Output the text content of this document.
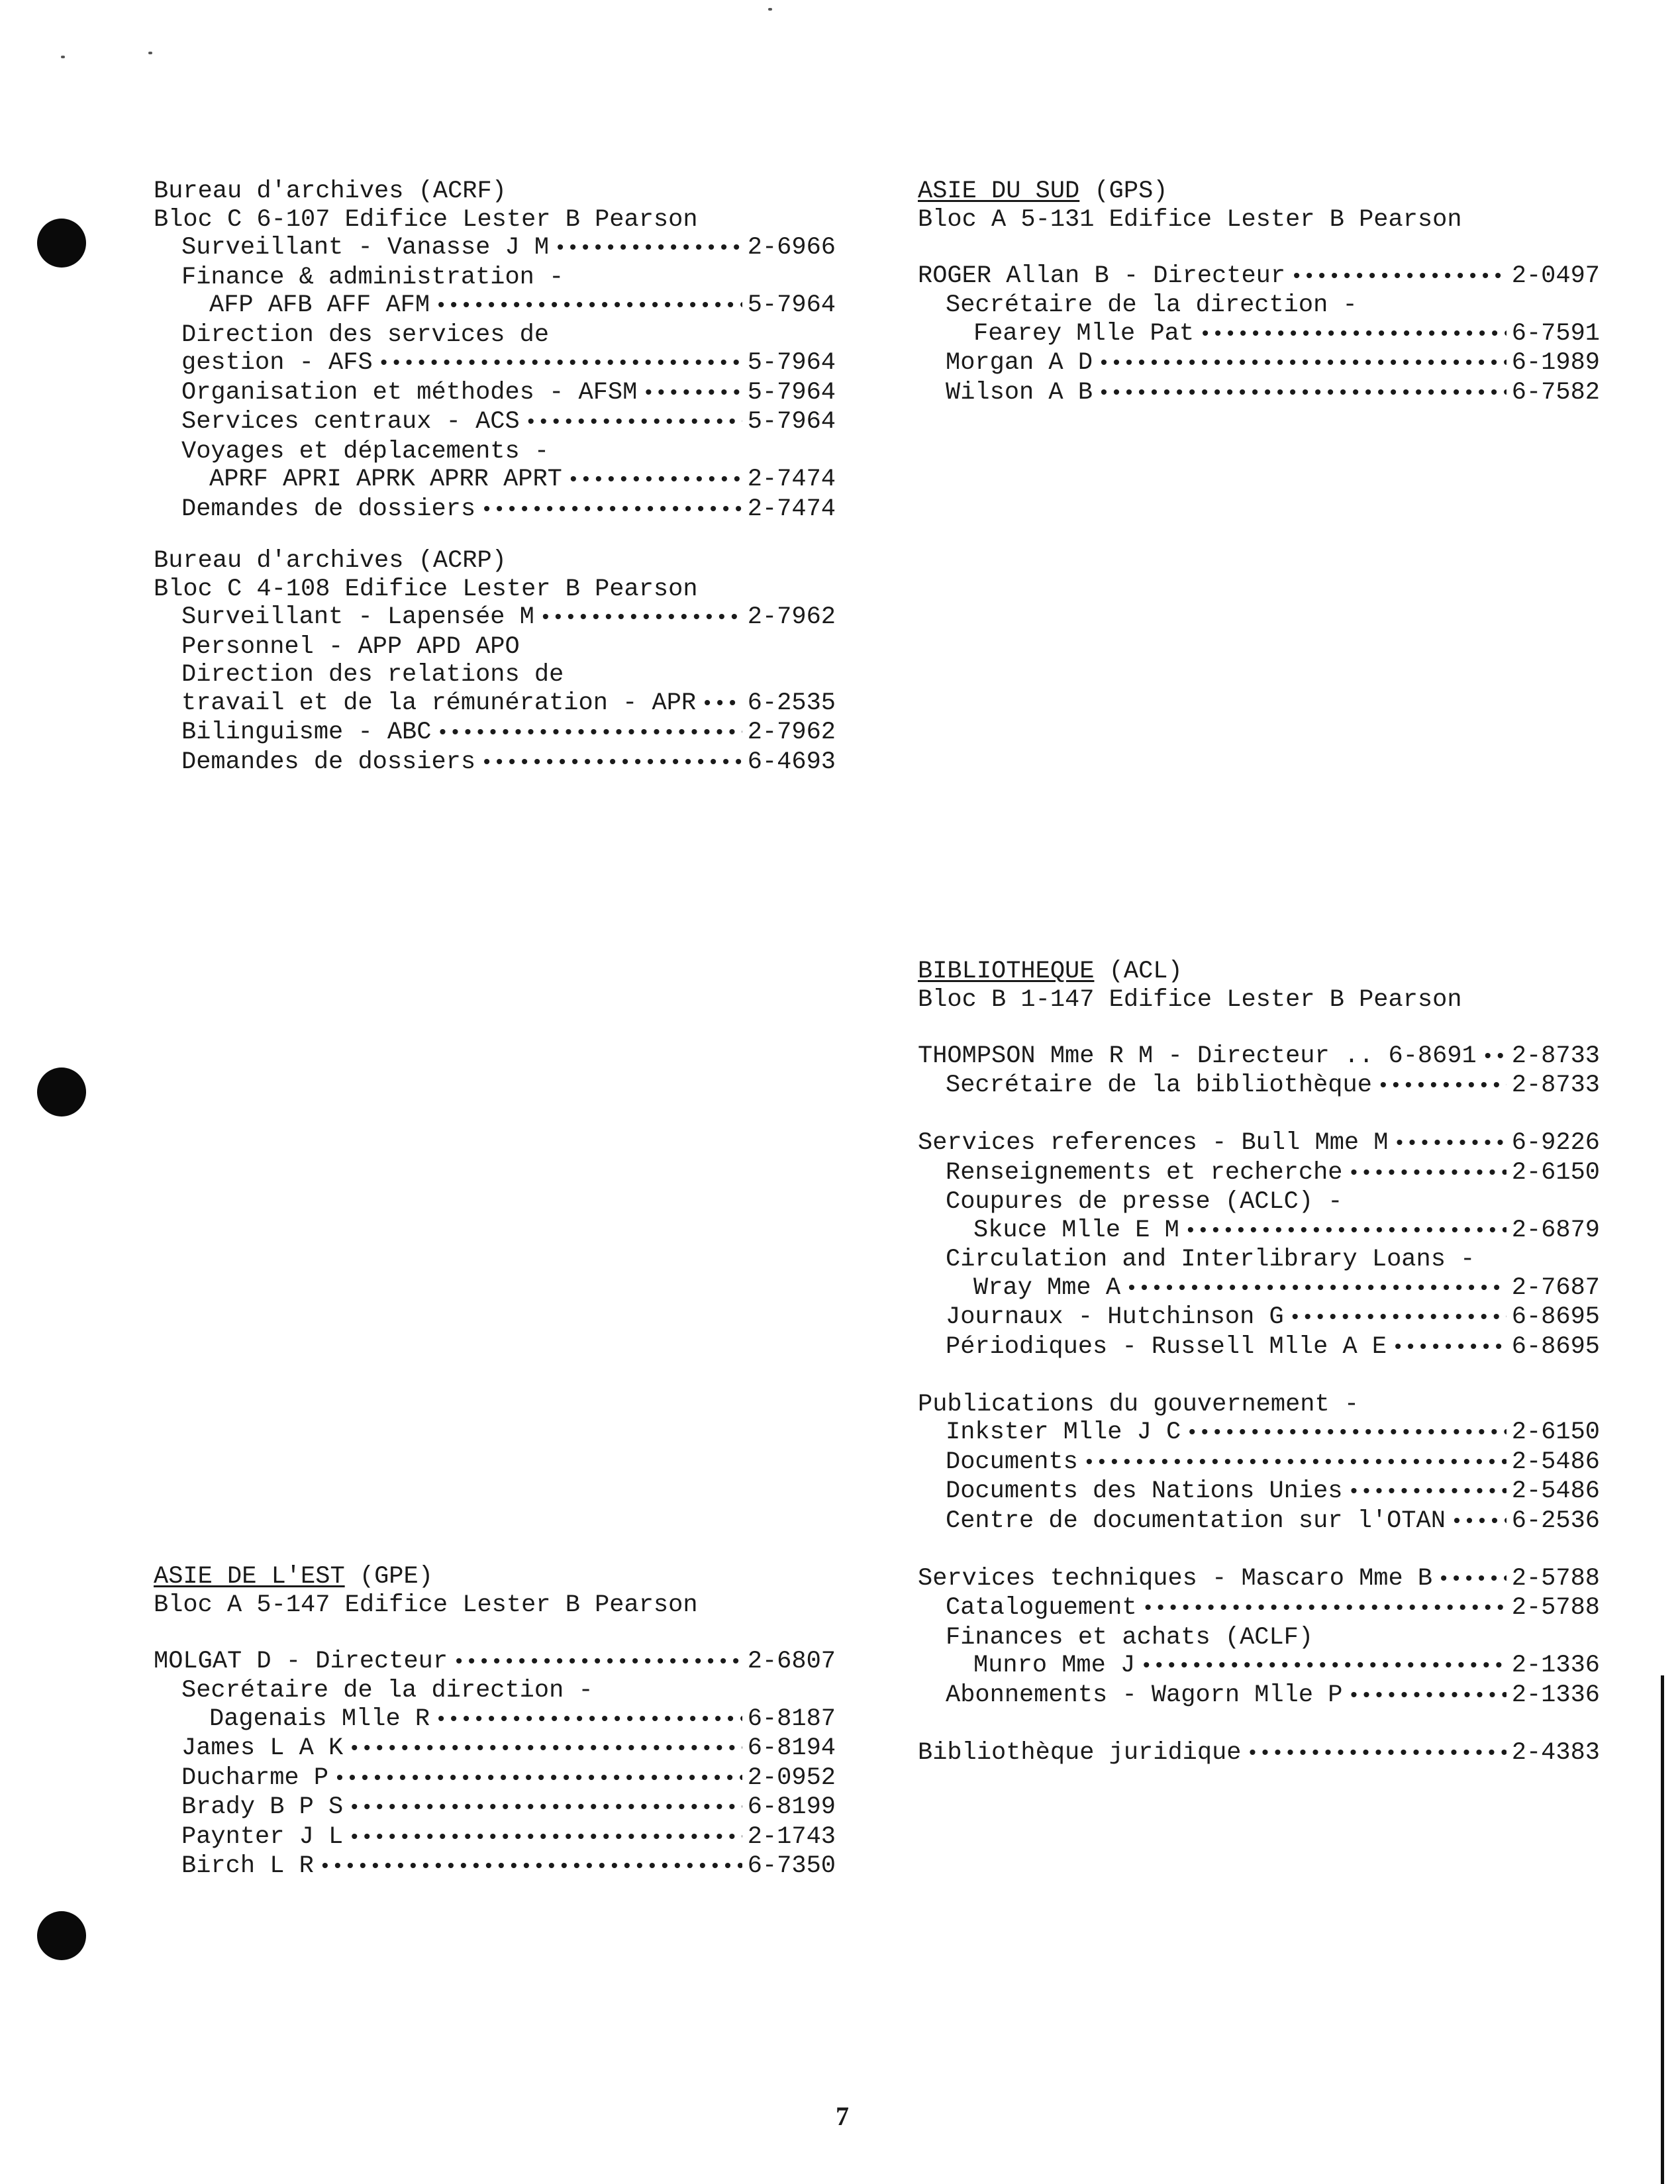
Bureau d'archives (ACRF)
Bloc C 6-107 Edifice Lester B Pearson
Surveillant - Vanasse J M •••••	2-6966
Finance & administration -
AFP AFB AFF AFM •••••	5-7964
Direction des services de
gestion - AFS •••••	5-7964
Organisation et méthodes - AFSM •••••	5-7964
Services centraux - ACS •••••	5-7964
Voyages et déplacements -
APRF APRI APRK APRR APRT •••••	2-7474
Demandes de dossiers •••••	2-7474
Bureau d'archives (ACRP)
Bloc C 4-108 Edifice Lester B Pearson
Surveillant - Lapensée M •••••	2-7962
Personnel - APP APD APO
Direction des relations de
travail et de la rémunération - APR ••••• 6-2535
Bilinguisme - ABC •••••	2-7962
Demandes de dossiers •••••	6-4693
ASIE DE L'EST (GPE)
Bloc A 5-147 Edifice Lester B Pearson
MOLGAT D - Directeur •••••	2-6807
Secrétaire de la direction -
Dagenais Mlle R •••••	6-8187
James L A K •••••	6-8194
Ducharme P •••••	2-0952
Brady B P S •••••	6-8199
Paynter J L •••••	2-1743
Birch L R •••••	6-7350
ASIE DU SUD (GPS)
Bloc A 5-131 Edifice Lester B Pearson
ROGER Allan B - Directeur •••••	2-0497
Secrétaire de la direction -
Fearey Mlle Pat •••••	6-7591
Morgan A D •••••	6-1989
Wilson A B •••••	6-7582
BIBLIOTHEQUE (ACL)
Bloc B 1-147 Edifice Lester B Pearson
THOMPSON Mme R M - Directeur .. 6-8691 ••••• 2-8733
Secrétaire de la bibliothèque •••••	2-8733
Services references - Bull Mme M •••••	6-9226
Renseignements et recherche •••••	2-6150
Coupures de presse (ACLC) -
Skuce Mlle E M •••••	2-6879
Circulation and Interlibrary Loans -
Wray Mme A •••••	2-7687
Journaux - Hutchinson G •••••	6-8695
Périodiques - Russell Mlle A E •••••	6-8695
Publications du gouvernement -
Inkster Mlle J C •••••	2-6150
Documents •••••	2-5486
Documents des Nations Unies •••••	2-5486
Centre de documentation sur l'OTAN •••••	6-2536
Services techniques - Mascaro Mme B •••••	2-5788
Cataloguement •••••	2-5788
Finances et achats (ACLF)
Munro Mme J •••••	2-1336
Abonnements - Wagorn Mlle P •••••	2-1336
Bibliothèque juridique •••••	2-4383
7
